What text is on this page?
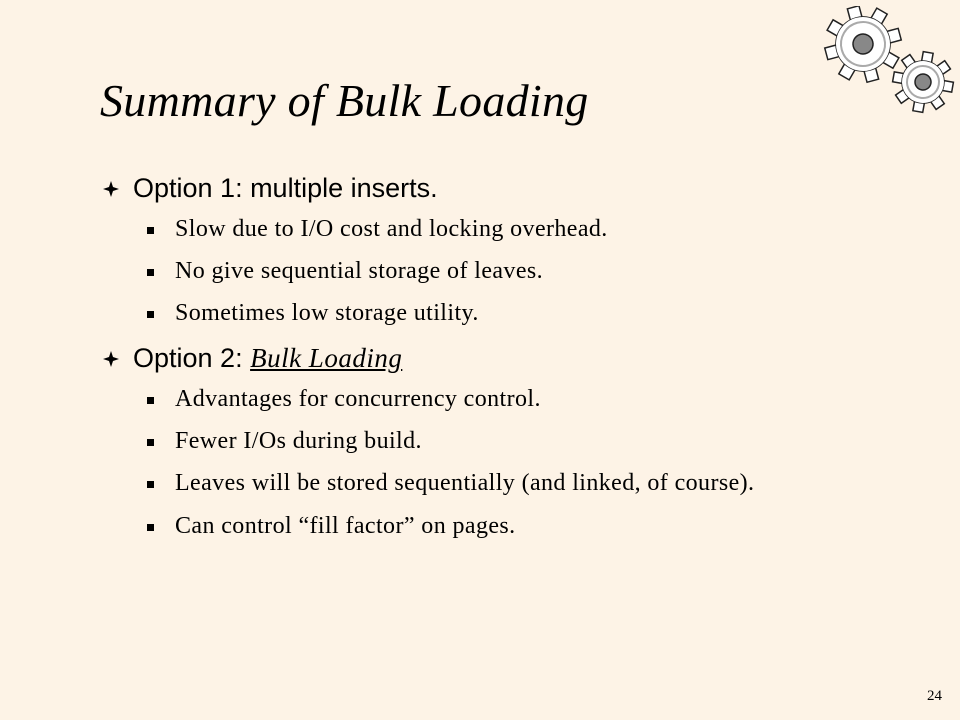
Summary of Bulk Loading
Option 1: multiple inserts.
Slow due to I/O cost and locking overhead.
No give sequential storage of leaves.
Sometimes low storage utility.
Option 2: Bulk Loading
Advantages for concurrency control.
Fewer I/Os during build.
Leaves will be stored sequentially (and linked, of course).
Can control “fill factor” on pages.
24
